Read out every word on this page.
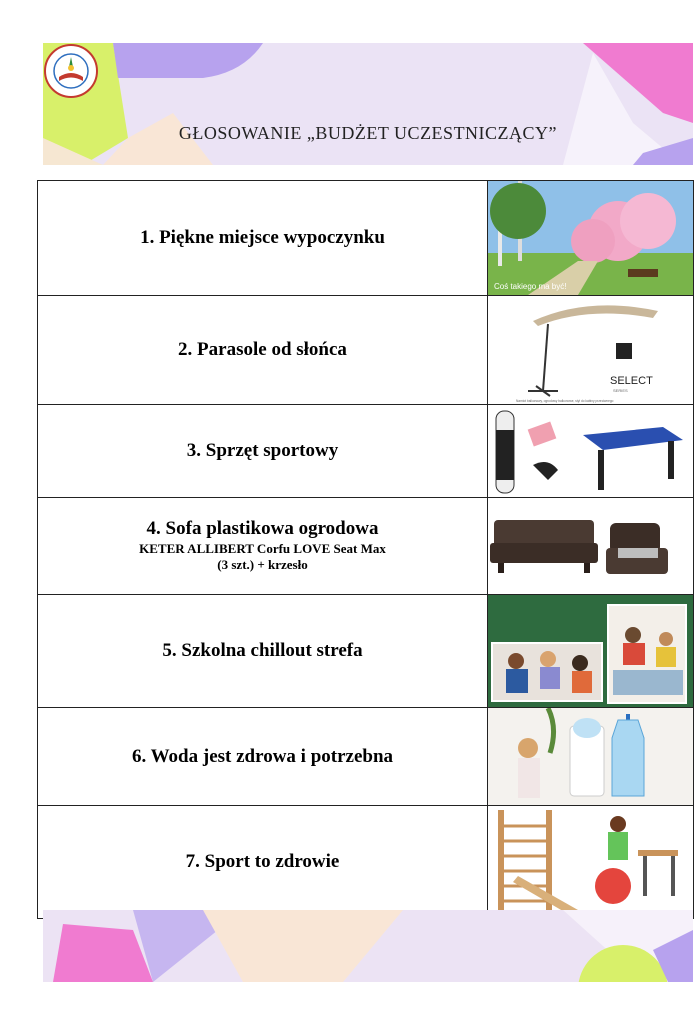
GŁOSOWANIE „BUDŻET UCZESTNICZĄCY”
1. Piękne miejsce wypoczynku	Coś takiego ma być!

2. Parasole od słońca	SELECT
SERIES
Namiot balkonowy, ogrodowy balkonowe, styl do kabiny przeciwnego

3. Sprzęt sportowy	

4. Sofa plastikowa ogrodowa
KETER ALLIBERT Corfu LOVE Seat Max
(3 szt.) + krzesło

5. Szkolna chillout strefa	

6. Woda jest zdrowa i potrzebna	

7. Sport to zdrowie	
